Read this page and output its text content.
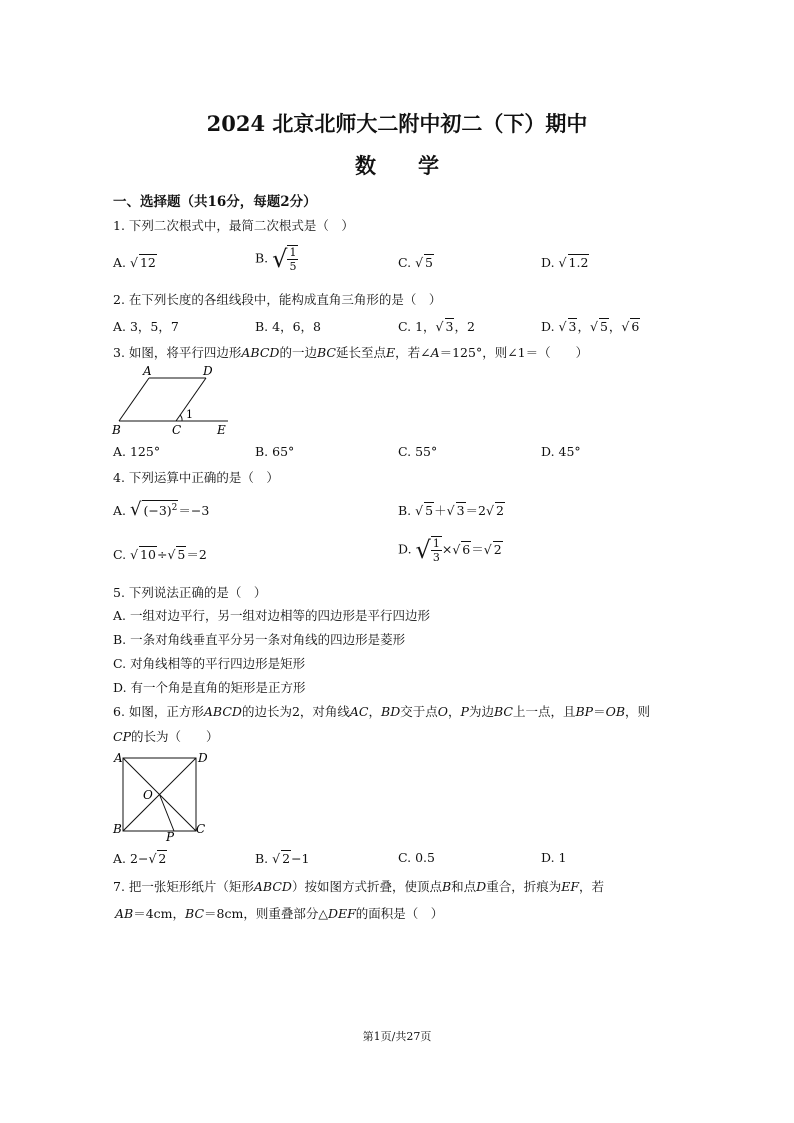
2024 北京北师大二附中初二（下）期中
数　　学
一、选择题（共16分，每题2分）
1. 下列二次根式中，最简二次根式是（　）
A. √ 12	B. √ $\frac{1}{5}$	C. √ 5	D. √ 1.2
2. 在下列长度的各组线段中，能构成直角三角形的是（　）
A. 3，5，7	B. 4，6，8	C. 1，√ 3，2	D. √ 3，√ 5，√ 6
3. 如图，将平行四边形ABCD的一边BC延长至点E，若∠A＝125°，则∠1＝（　　）
A	D
B	C	E
1
A. 125°	B. 65°	C. 55°	D. 45°
4. 下列运算中正确的是（　）
A. √ $(-3)^2=-3$	B. √ 5＋√ 3＝2√ 2
C. √ 10÷√ 5＝2	D. √ $\frac{1}{3}$ ×√ 6＝√ 2
5. 下列说法正确的是（　）
A. 一组对边平行，另一组对边相等的四边形是平行四边形
B. 一条对角线垂直平分另一条对角线的四边形是菱形
C. 对角线相等的平行四边形是矩形
D. 有一个角是直角的矩形是正方形
6. 如图，正方形ABCD的边长为2，对角线AC，BD交于点O，P为边BC上一点，且BP＝OB，则
CP的长为（　　）
A	D
O
B
P
C
A. 2−√ 2	B. √ 2−1	C. 0.5	D. 1
7. 把一张矩形纸片（矩形ABCD）按如图方式折叠，使顶点B和点D重合，折痕为EF，若
AB＝4cm，BC＝8cm，则重叠部分△DEF的面积是（　）
第1页/共27页
